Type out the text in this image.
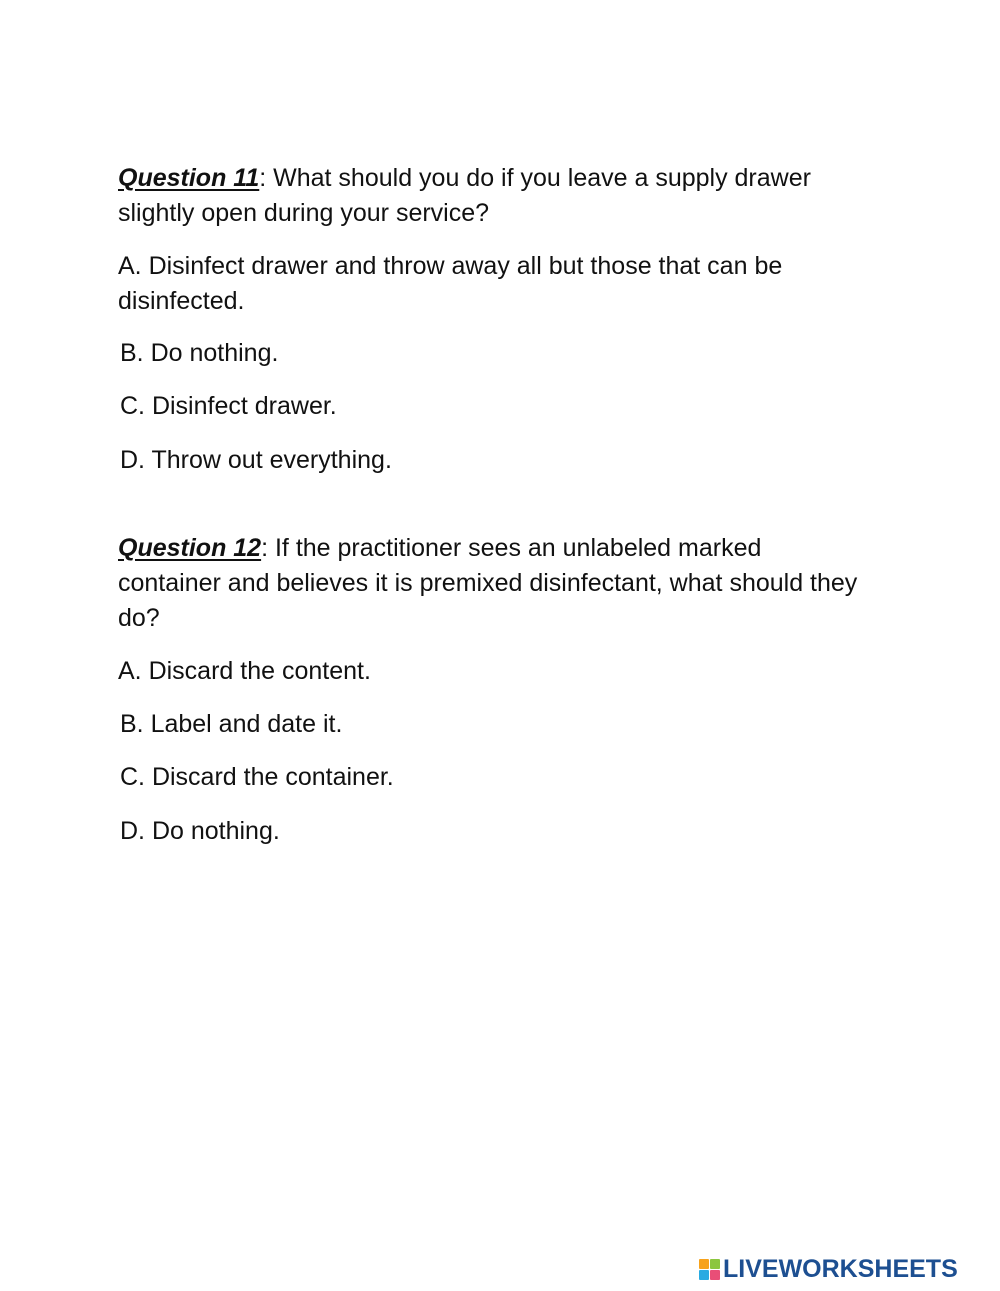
Question 11: What should you do if you leave a supply drawer slightly open during your service?
A. Disinfect drawer and throw away all but those that can be disinfected.
B. Do nothing.
C. Disinfect drawer.
D. Throw out everything.
Question 12: If the practitioner sees an unlabeled marked container and believes it is premixed disinfectant, what should they do?
A. Discard the content.
B. Label and date it.
C. Discard the container.
D. Do nothing.
LIVEWORKSHEETS
